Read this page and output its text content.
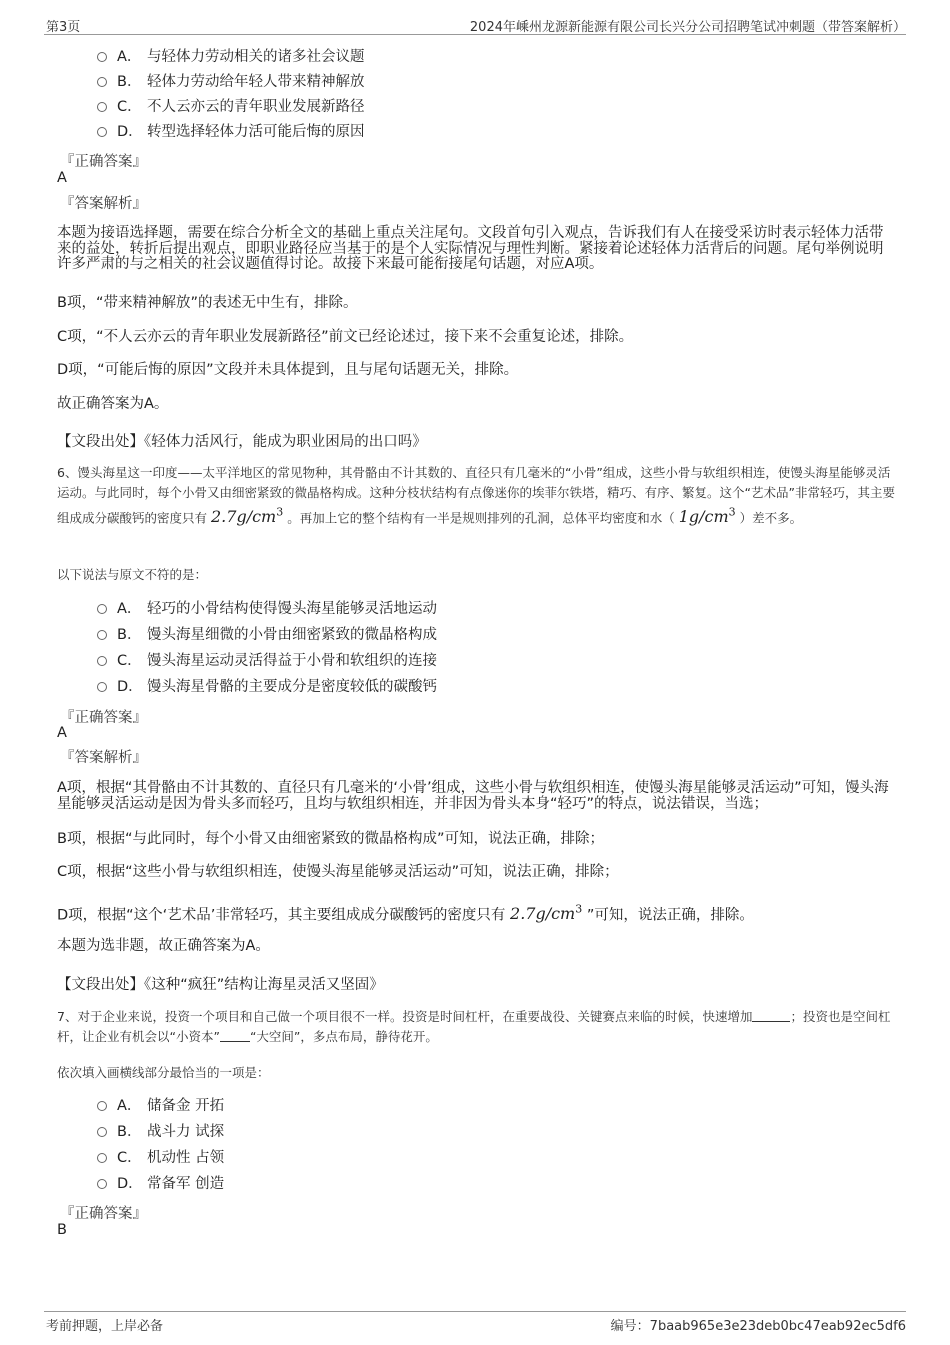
第3页	2024年嵊州龙源新能源有限公司长兴分公司招聘笔试冲刺题（带答案解析）
A． 与轻体力劳动相关的诸多社会议题
B． 轻体力劳动给年轻人带来精神解放
C． 不人云亦云的青年职业发展新路径
D． 转型选择轻体力活可能后悔的原因
『正确答案』
A
『答案解析』
本题为接语选择题，需要在综合分析全文的基础上重点关注尾句。文段首句引入观点，告诉我们有人在接受采访时表示轻体力活带来的益处，转折后提出观点，即职业路径应当基于的是个人实际情况与理性判断。紧接着论述轻体力活背后的问题。尾句举例说明许多严肃的与之相关的社会议题值得讨论。故接下来最可能衔接尾句话题，对应A项。
B项，“带来精神解放”的表述无中生有，排除。
C项，“不人云亦云的青年职业发展新路径”前文已经论述过，接下来不会重复论述，排除。
D项，“可能后悔的原因”文段并未具体提到，且与尾句话题无关，排除。
故正确答案为A。
【文段出处】《轻体力活风行，能成为职业困局的出口吗》
6、馒头海星这一印度——太平洋地区的常见物种，其骨骼由不计其数的、直径只有几毫米的“小骨”组成，这些小骨与软组织相连，使馒头海星能够灵活运动。与此同时，每个小骨又由细密紧致的微晶格构成。这种分枝状结构有点像迷你的埃菲尔铁塔，精巧、有序、繁复。这个“艺术品”非常轻巧，其主要组成成分碳酸钙的密度只有 $2.7g/cm^3$ 。再加上它的整个结构有一半是规则排列的孔洞，总体平均密度和水（ $1g/cm^3$ ）差不多。
以下说法与原文不符的是：
A． 轻巧的小骨结构使得馒头海星能够灵活地运动
B． 馒头海星细微的小骨由细密紧致的微晶格构成
C． 馒头海星运动灵活得益于小骨和软组织的连接
D． 馒头海星骨骼的主要成分是密度较低的碳酸钙
『正确答案』
A
『答案解析』
A项，根据“其骨骼由不计其数的、直径只有几毫米的‘小骨’组成，这些小骨与软组织相连，使馒头海星能够灵活运动”可知，馒头海星能够灵活运动是因为骨头多而轻巧，且均与软组织相连，并非因为骨头本身“轻巧”的特点，说法错误，当选；
B项，根据“与此同时，每个小骨又由细密紧致的微晶格构成”可知，说法正确，排除；
C项，根据“这些小骨与软组织相连，使馒头海星能够灵活运动”可知，说法正确，排除；
D项，根据“这个‘艺术品’非常轻巧，其主要组成成分碳酸钙的密度只有 $2.7g/cm^3$ ”可知，说法正确，排除。
本题为选非题，故正确答案为A。
【文段出处】《这种“疯狂”结构让海星灵活又坚固》
7、对于企业来说，投资一个项目和自己做一个项目很不一样。投资是时间杠杆，在重要战役、关键赛点来临的时候，快速增加	；投资也是空间杠杆，让企业有机会以“小资本” “大空间”，多点布局，静待花开。
依次填入画横线部分最恰当的一项是：
A． 储备金 开拓
B． 战斗力 试探
C． 机动性 占领
D． 常备军 创造
『正确答案』
B
考前押题，上岸必备	编号：7baab965e3e23deb0bc47eab92ec5df6
